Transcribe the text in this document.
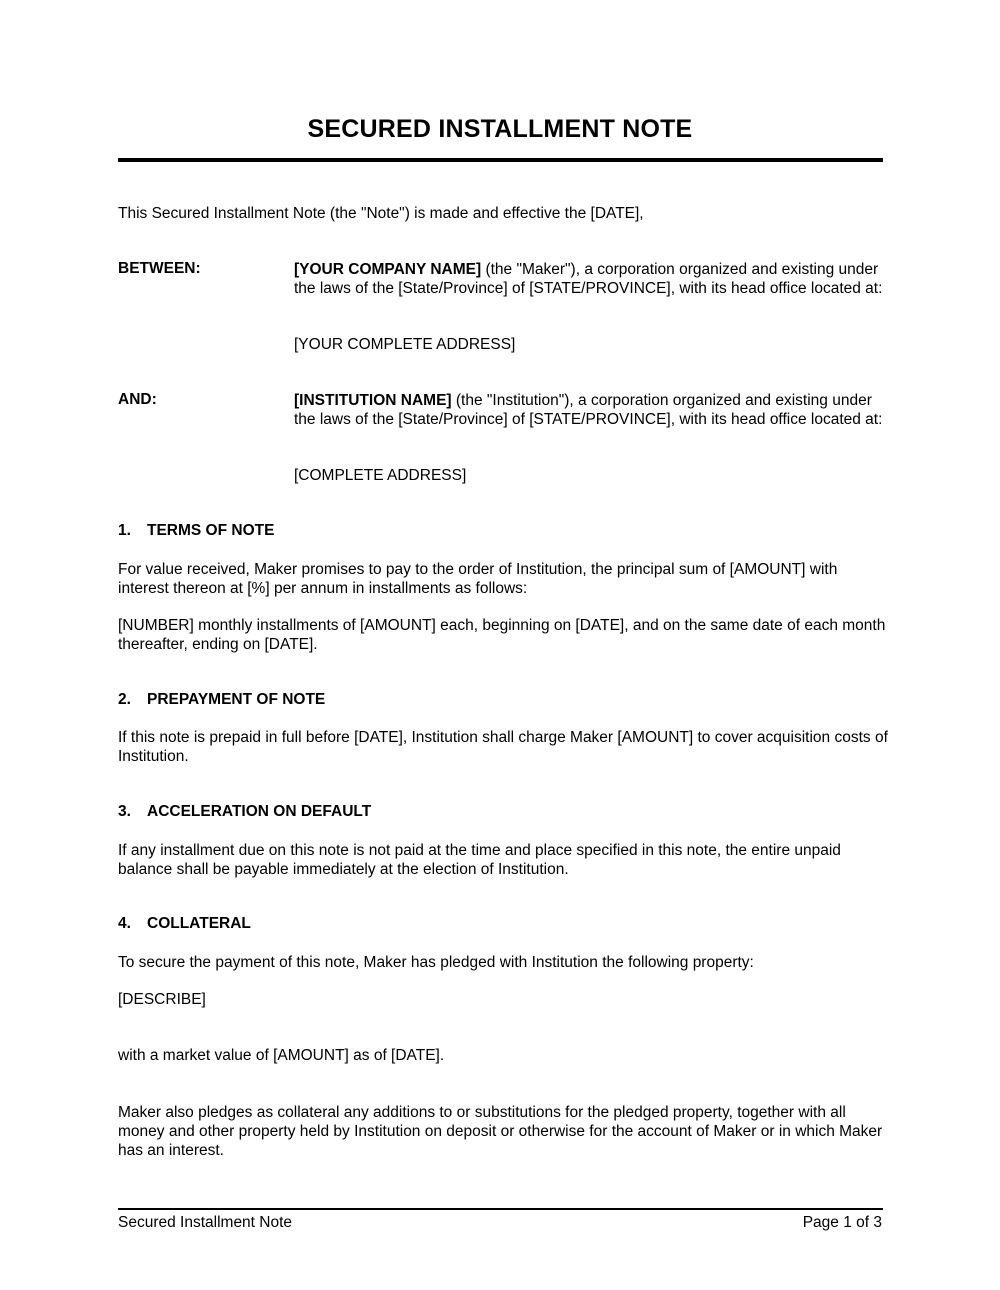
SECURED INSTALLMENT NOTE
This Secured Installment Note (the "Note") is made and effective the [DATE],
BETWEEN:	[YOUR COMPANY NAME] (the "Maker"), a corporation organized and existing under the laws of the [State/Province] of [STATE/PROVINCE], with its head office located at:
[YOUR COMPLETE ADDRESS]
AND:	[INSTITUTION NAME] (the "Institution"), a corporation organized and existing under the laws of the [State/Province] of [STATE/PROVINCE], with its head office located at:
[COMPLETE ADDRESS]
1. TERMS OF NOTE
For value received, Maker promises to pay to the order of Institution, the principal sum of [AMOUNT] with interest thereon at [%] per annum in installments as follows:
[NUMBER] monthly installments of [AMOUNT] each, beginning on [DATE], and on the same date of each month thereafter, ending on [DATE].
2. PREPAYMENT OF NOTE
If this note is prepaid in full before [DATE], Institution shall charge Maker [AMOUNT] to cover acquisition costs of Institution.
3. ACCELERATION ON DEFAULT
If any installment due on this note is not paid at the time and place specified in this note, the entire unpaid balance shall be payable immediately at the election of Institution.
4. COLLATERAL
To secure the payment of this note, Maker has pledged with Institution the following property:
[DESCRIBE]
with a market value of [AMOUNT] as of [DATE].
Maker also pledges as collateral any additions to or substitutions for the pledged property, together with all money and other property held by Institution on deposit or otherwise for the account of Maker or in which Maker has an interest.
Secured Installment Note	Page 1 of 3
